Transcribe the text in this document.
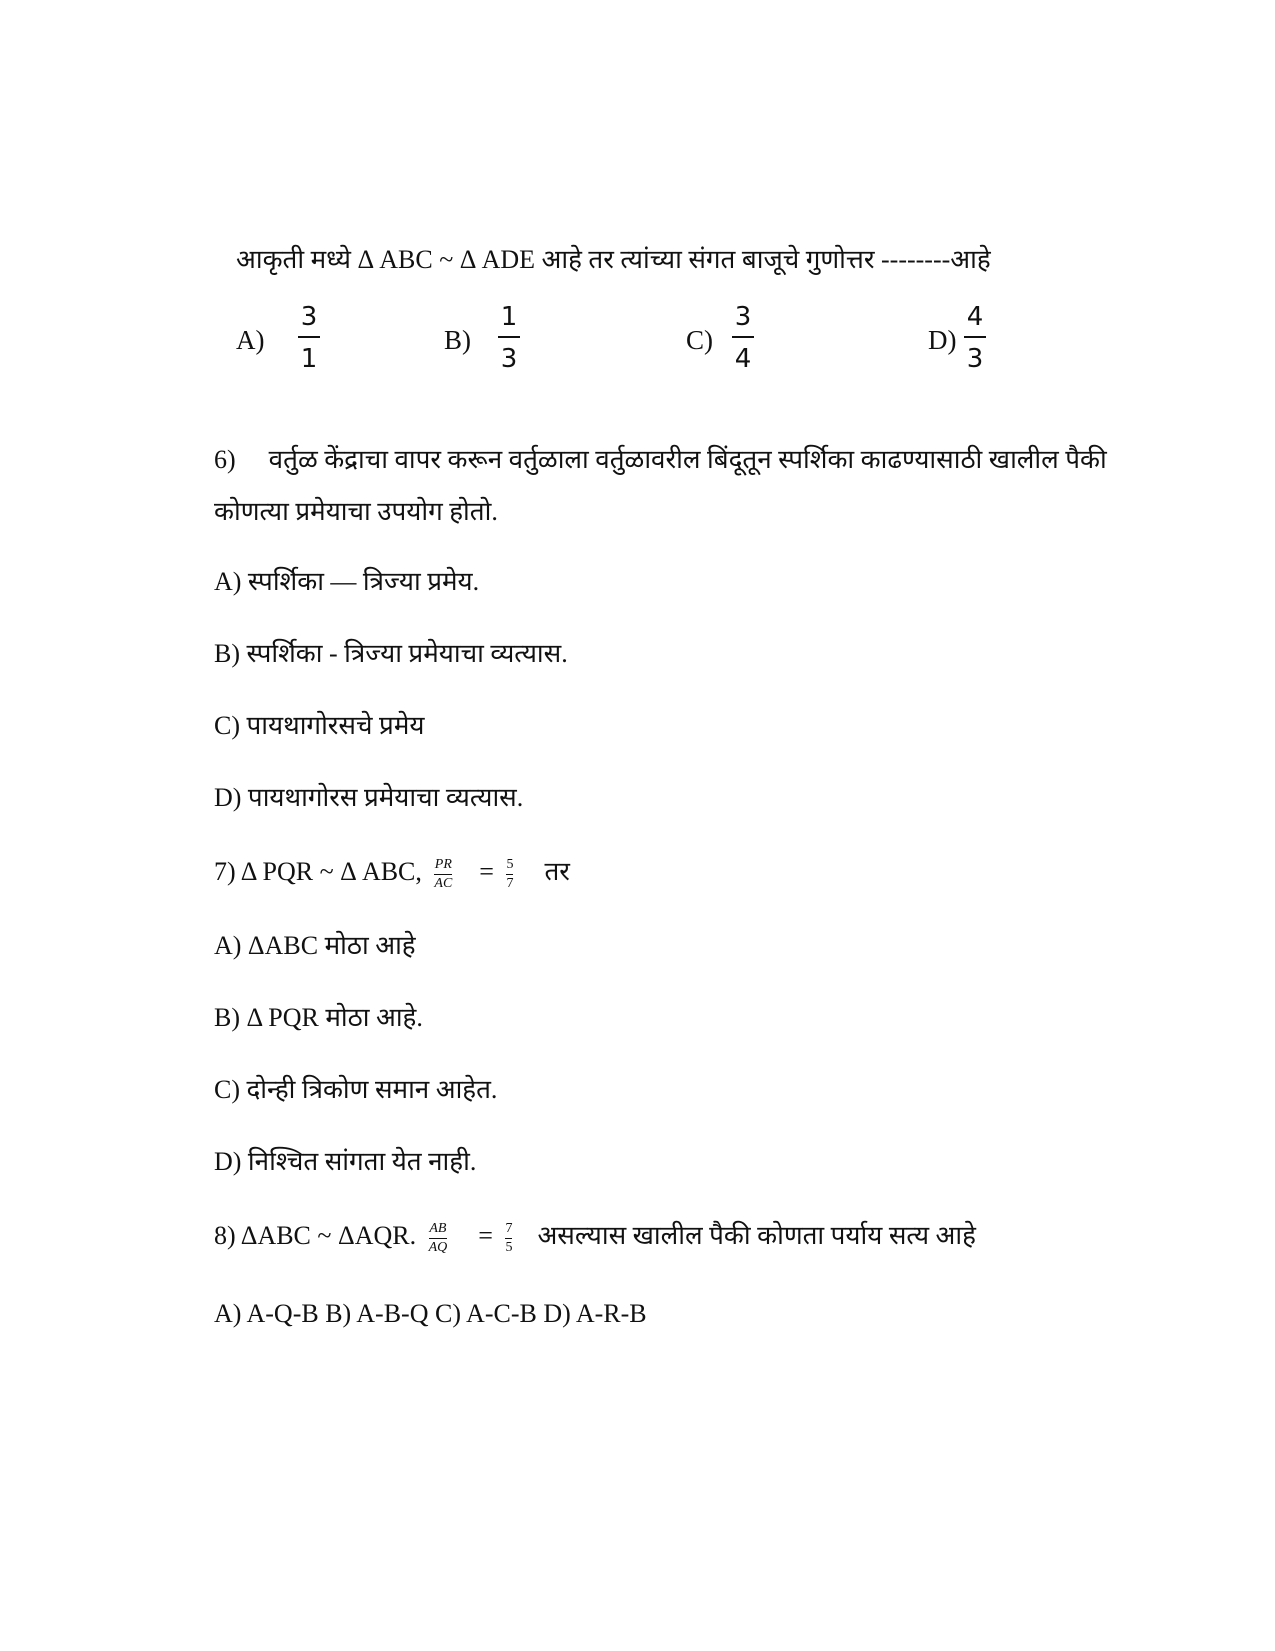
आकृती मध्ये Δ ABC ~ Δ ADE आहे तर त्यांच्या संगत बाजूचे गुणोत्तर --------आहे
A)
3
1
B)
1
3
C)
3
4
D)
4
3
6) वर्तुळ केंद्राचा वापर करून वर्तुळाला वर्तुळावरील बिंदूतून स्पर्शिका काढण्यासाठी खालील पैकी
कोणत्या प्रमेयाचा उपयोग होतो.
A) स्पर्शिका — त्रिज्या प्रमेय.
B) स्पर्शिका - त्रिज्या प्रमेयाचा व्यत्यास.
C) पायथागोरसचे प्रमेय
D) पायथागोरस प्रमेयाचा व्यत्यास.
7) Δ PQR ~ Δ ABC, $\frac{PR}{AC} = \frac{5}{7}$ तर
A) ΔABC मोठा आहे
B) Δ PQR मोठा आहे.
C) दोन्ही त्रिकोण समान आहेत.
D) निश्चित सांगता येत नाही.
8) ΔABC ~ ΔAQR. $\frac{AB}{AQ} = \frac{7}{5}$ असल्यास खालील पैकी कोणता पर्याय सत्य आहे
A) A-Q-B B) A-B-Q C) A-C-B D) A-R-B
